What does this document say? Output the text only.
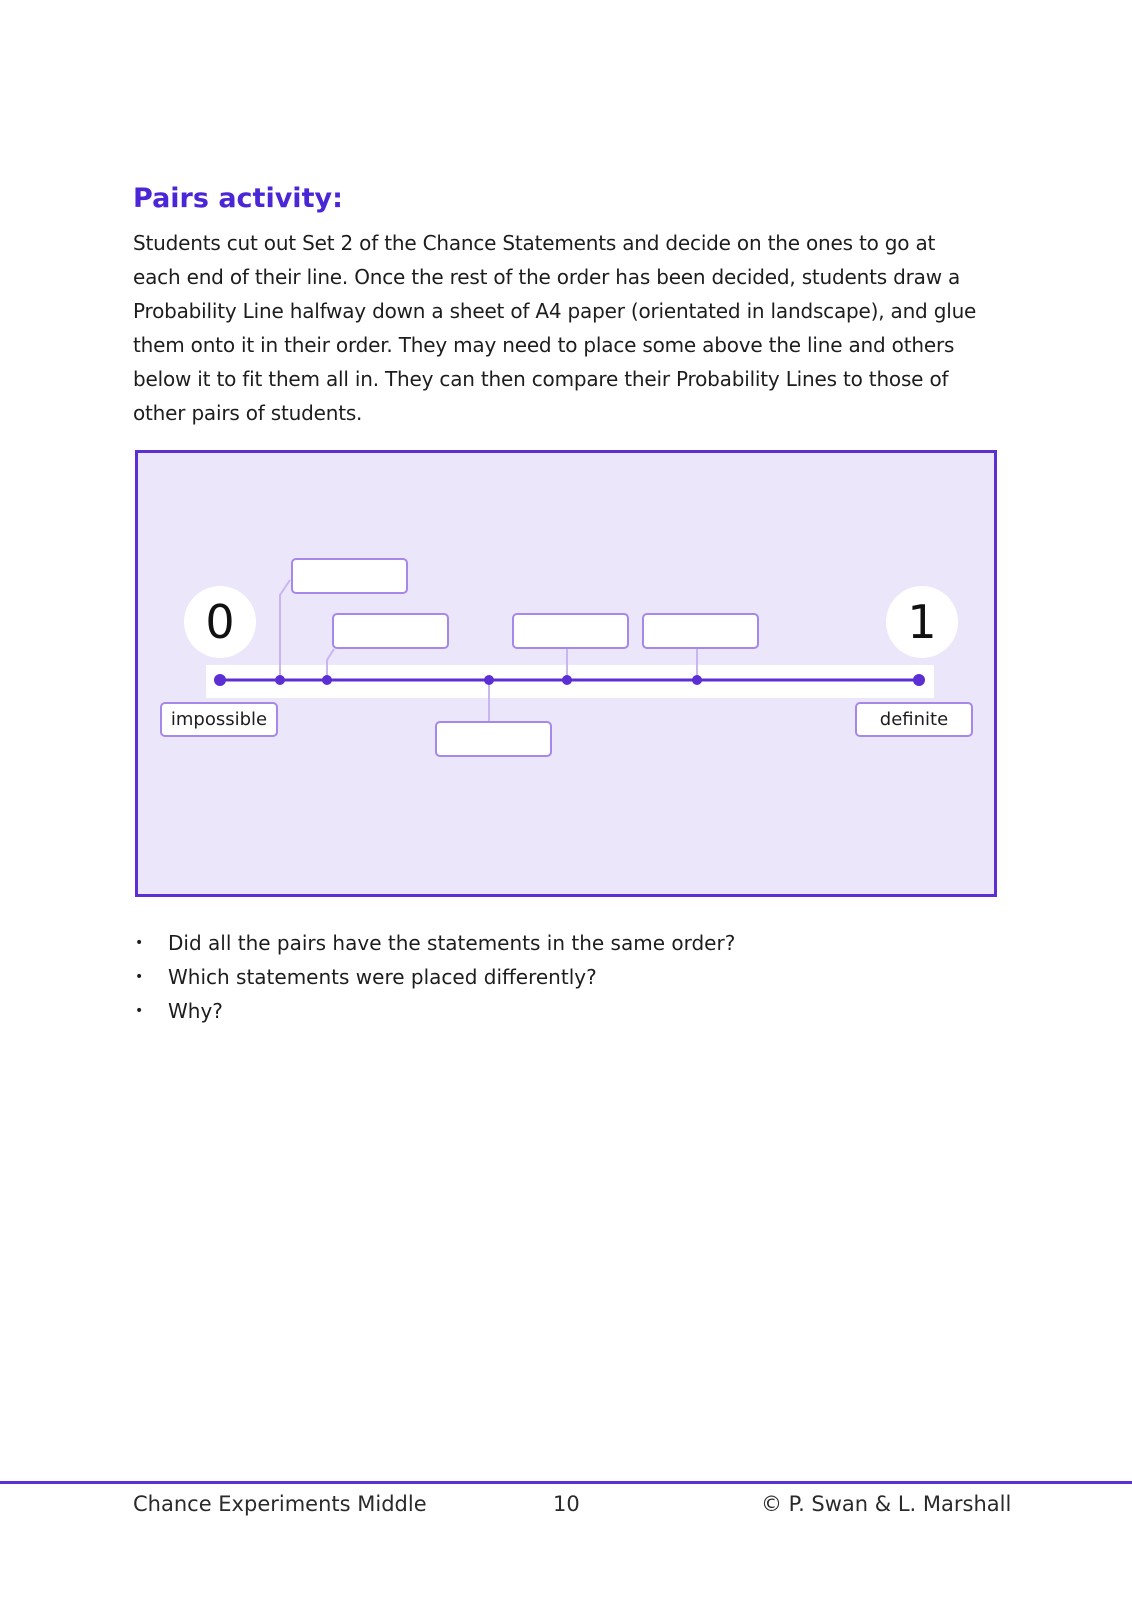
Pairs activity:

Students cut out Set 2 of the Chance Statements and decide on the ones to go at each end of their line. Once the rest of the order has been decided, students draw a Probability Line halfway down a sheet of A4 paper (orientated in landscape), and glue them onto it in their order. They may need to place some above the line and others below it to fit them all in. They can then compare their Probability Lines to those of other pairs of students.

0	1
impossible	definite
• Did all the pairs have the statements in the same order?
• Which statements were placed differently?
• Why?
Chance Experiments Middle	10	© P. Swan & L. Marshall
